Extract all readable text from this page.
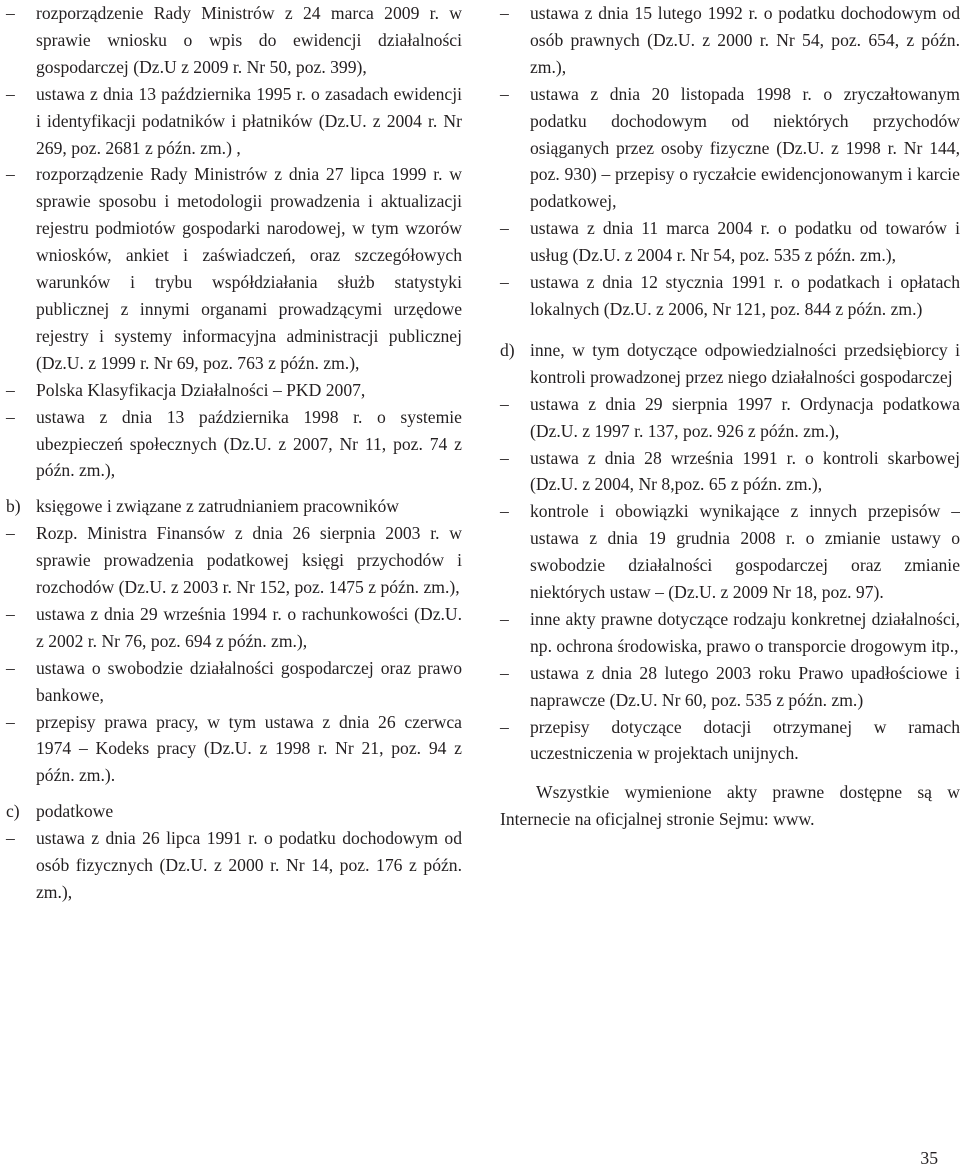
– rozporządzenie Rady Ministrów z 24 marca 2009 r. w sprawie wniosku o wpis do ewidencji działalności gospodarczej (Dz.U z 2009 r. Nr 50, poz. 399),

– ustawa z dnia 13 października 1995 r. o zasadach ewidencji i identyfikacji podatników i płatników (Dz.U. z 2004 r. Nr 269, poz. 2681 z późn. zm.) ,

– rozporządzenie Rady Ministrów z dnia 27 lipca 1999 r. w sprawie sposobu i metodologii prowadzenia i aktualizacji rejestru podmiotów gospodarki narodowej, w tym wzorów wniosków, ankiet i zaświadczeń, oraz szczegółowych warunków i trybu współdziałania służb statystyki publicznej z innymi organami prowadzącymi urzędowe rejestry i systemy informacyjna administracji publicznej (Dz.U. z 1999 r. Nr 69, poz. 763 z późn. zm.),

– Polska Klasyfikacja Działalności – PKD 2007,

– ustawa z dnia 13 października 1998 r. o systemie ubezpieczeń społecznych (Dz.U. z 2007, Nr 11, poz. 74 z późn. zm.),

b) księgowe i związane z zatrudnianiem pracowników

– Rozp. Ministra Finansów z dnia 26 sierpnia 2003 r. w sprawie prowadzenia podatkowej księgi przychodów i rozchodów (Dz.U. z 2003 r. Nr 152, poz. 1475 z późn. zm.),

– ustawa z dnia 29 września 1994 r. o rachunkowości (Dz.U. z 2002 r. Nr 76, poz. 694 z późn. zm.),

– ustawa o swobodzie działalności gospodarczej oraz prawo bankowe,

– przepisy prawa pracy, w tym ustawa z dnia 26 czerwca 1974 – Kodeks pracy (Dz.U. z 1998 r. Nr 21, poz. 94 z późn. zm.).

c) podatkowe

– ustawa z dnia 26 lipca 1991 r. o podatku dochodowym od osób fizycznych (Dz.U. z 2000 r. Nr 14, poz. 176 z późn. zm.),

– ustawa z dnia 15 lutego 1992 r. o podatku dochodowym od osób prawnych (Dz.U. z 2000 r. Nr 54, poz. 654, z późn. zm.),

– ustawa z dnia 20 listopada 1998 r. o zryczałtowanym podatku dochodowym od niektórych przychodów osiąganych przez osoby fizyczne (Dz.U. z 1998 r. Nr 144, poz. 930) – przepisy o ryczałcie ewidencjonowanym i karcie podatkowej,

– ustawa z dnia 11 marca 2004 r. o podatku od towarów i usług (Dz.U. z 2004 r. Nr 54, poz. 535 z późn. zm.),

– ustawa z dnia 12 stycznia 1991 r. o podatkach i opłatach lokalnych (Dz.U. z 2006, Nr 121, poz. 844 z późn. zm.)

d) inne, w tym dotyczące odpowiedzialności przedsiębiorcy i kontroli prowadzonej przez niego działalności gospodarczej

– ustawa z dnia 29 sierpnia 1997 r. Ordynacja podatkowa (Dz.U. z 1997 r. 137, poz. 926 z późn. zm.),

– ustawa z dnia 28 września 1991 r. o kontroli skarbowej (Dz.U. z 2004, Nr 8,poz. 65 z późn. zm.),

– kontrole i obowiązki wynikające z innych przepisów – ustawa z dnia 19 grudnia 2008 r. o zmianie ustawy o swobodzie działalności gospodarczej oraz zmianie niektórych ustaw – (Dz.U. z 2009 Nr 18, poz. 97).

– inne akty prawne dotyczące rodzaju konkretnej działalności, np. ochrona środowiska, prawo o transporcie drogowym itp.,

– ustawa z dnia 28 lutego 2003 roku Prawo upadłościowe i naprawcze (Dz.U. Nr 60, poz. 535 z późn. zm.)

– przepisy dotyczące dotacji otrzymanej w ramach uczestniczenia w projektach unijnych.

Wszystkie wymienione akty prawne dostępne są w Internecie na oficjalnej stronie Sejmu: www.

35
